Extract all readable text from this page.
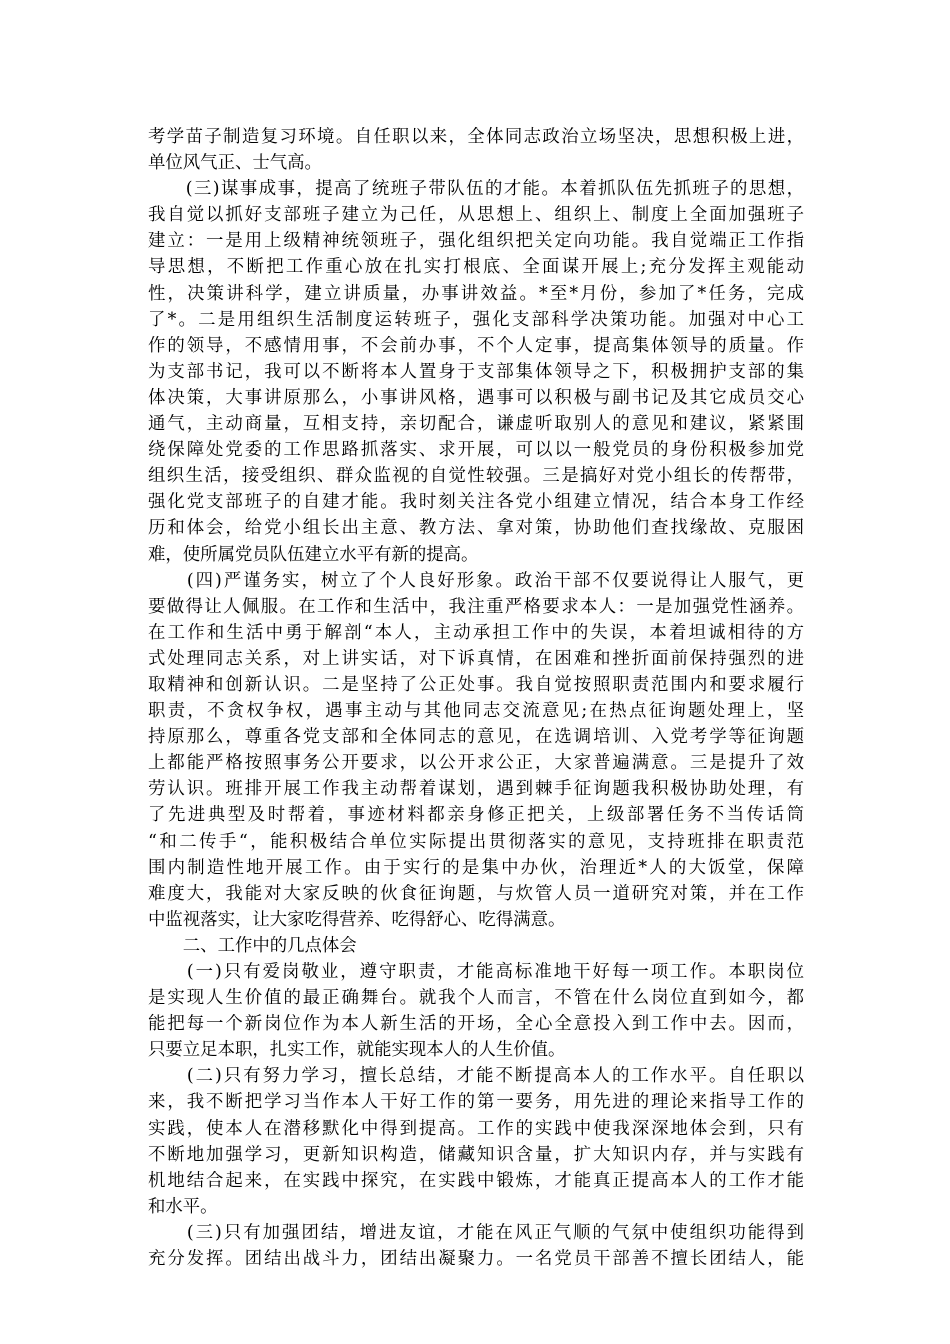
考学苗子制造复习环境。自任职以来，全体同志政治立场坚决，思想积极上进，
单位风气正、士气高。
　　(三)谋事成事，提高了统班子带队伍的才能。本着抓队伍先抓班子的思想，
我自觉以抓好支部班子建立为己任，从思想上、组织上、制度上全面加强班子
建立：一是用上级精神统领班子，强化组织把关定向功能。我自觉端正工作指
导思想，不断把工作重心放在扎实打根底、全面谋开展上;充分发挥主观能动
性，决策讲科学，建立讲质量，办事讲效益。*至*月份，参加了*任务，完成
了*。二是用组织生活制度运转班子，强化支部科学决策功能。加强对中心工
作的领导，不感情用事，不会前办事，不个人定事，提高集体领导的质量。作
为支部书记，我可以不断将本人置身于支部集体领导之下，积极拥护支部的集
体决策，大事讲原那么，小事讲风格，遇事可以积极与副书记及其它成员交心
通气，主动商量，互相支持，亲切配合，谦虚听取别人的意见和建议，紧紧围
绕保障处党委的工作思路抓落实、求开展，可以以一般党员的身份积极参加党
组织生活，接受组织、群众监视的自觉性较强。三是搞好对党小组长的传帮带，
强化党支部班子的自建才能。我时刻关注各党小组建立情况，结合本身工作经
历和体会，给党小组长出主意、教方法、拿对策，协助他们查找缘故、克服困
难，使所属党员队伍建立水平有新的提高。
　　(四)严谨务实，树立了个人良好形象。政治干部不仅要说得让人服气，更
要做得让人佩服。在工作和生活中，我注重严格要求本人：一是加强党性涵养。
在工作和生活中勇于解剖“本人，主动承担工作中的失误，本着坦诚相待的方
式处理同志关系，对上讲实话，对下诉真情，在困难和挫折面前保持强烈的进
取精神和创新认识。二是坚持了公正处事。我自觉按照职责范围内和要求履行
职责，不贪权争权，遇事主动与其他同志交流意见;在热点征询题处理上，坚
持原那么，尊重各党支部和全体同志的意见，在选调培训、入党考学等征询题
上都能严格按照事务公开要求，以公开求公正，大家普遍满意。三是提升了效
劳认识。班排开展工作我主动帮着谋划，遇到棘手征询题我积极协助处理，有
了先进典型及时帮着，事迹材料都亲身修正把关，上级部署任务不当传话筒
“和二传手“，能积极结合单位实际提出贯彻落实的意见，支持班排在职责范
围内制造性地开展工作。由于实行的是集中办伙，治理近*人的大饭堂，保障
难度大，我能对大家反映的伙食征询题，与炊管人员一道研究对策，并在工作
中监视落实，让大家吃得营养、吃得舒心、吃得满意。
　　二、工作中的几点体会
　　(一)只有爱岗敬业，遵守职责，才能高标准地干好每一项工作。本职岗位
是实现人生价值的最正确舞台。就我个人而言，不管在什么岗位直到如今，都
能把每一个新岗位作为本人新生活的开场，全心全意投入到工作中去。因而，
只要立足本职，扎实工作，就能实现本人的人生价值。
　　(二)只有努力学习，擅长总结，才能不断提高本人的工作水平。自任职以
来，我不断把学习当作本人干好工作的第一要务，用先进的理论来指导工作的
实践，使本人在潜移默化中得到提高。工作的实践中使我深深地体会到，只有
不断地加强学习，更新知识构造，储藏知识含量，扩大知识内存，并与实践有
机地结合起来，在实践中探究，在实践中锻炼，才能真正提高本人的工作才能
和水平。
　　(三)只有加强团结，增进友谊，才能在风正气顺的气氛中使组织功能得到
充分发挥。团结出战斗力，团结出凝聚力。一名党员干部善不擅长团结人，能
